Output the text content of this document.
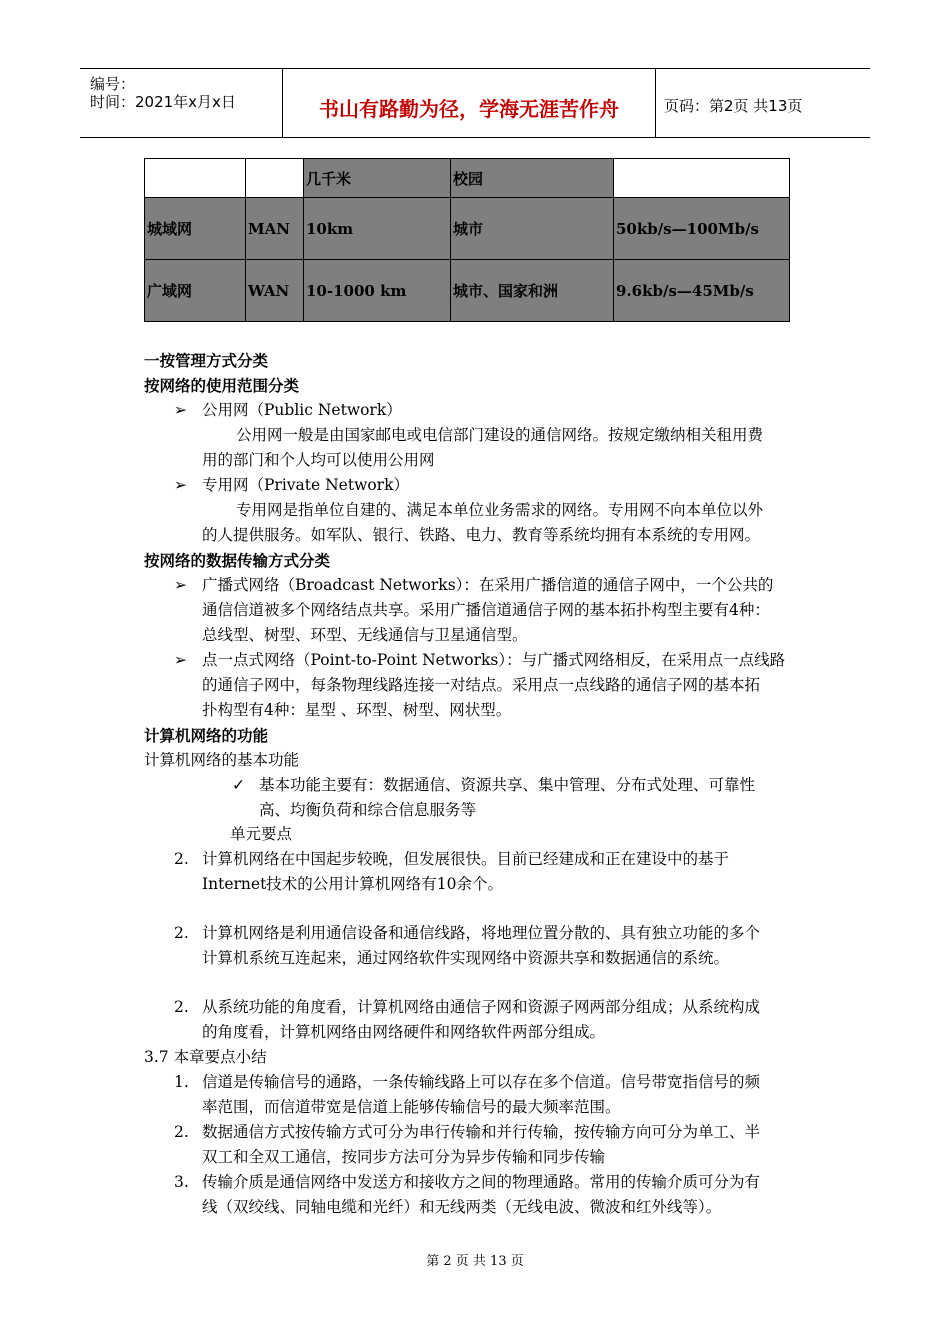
编号：
时间：2021年x月x日	书山有路勤为径，学海无涯苦作舟	页码：第2页 共13页
		几千米	校园	
城域网	MAN	10km	城市	50kb/s—100Mb/s
广域网	WAN	10-1000 km	城市、国家和洲	9.6kb/s—45Mb/s
一按管理方式分类
按网络的使用范围分类
➢ 公用网（Public Network）
公用网一般是由国家邮电或电信部门建设的通信网络。按规定缴纳相关租用费
用的部门和个人均可以使用公用网
➢ 专用网（Private Network）
专用网是指单位自建的、满足本单位业务需求的网络。专用网不向本单位以外
的人提供服务。如军队、银行、铁路、电力、教育等系统均拥有本系统的专用网。
按网络的数据传输方式分类
➢ 广播式网络（Broadcast Networks）：在采用广播信道的通信子网中，一个公共的
通信信道被多个网络结点共享。采用广播信道通信子网的基本拓扑构型主要有4种：
总线型、树型、环型、无线通信与卫星通信型。
➢ 点一点式网络（Point-to-Point Networks）：与广播式网络相反，在采用点一点线路
的通信子网中，每条物理线路连接一对结点。采用点一点线路的通信子网的基本拓
扑构型有4种：星型 、环型、树型、网状型。
计算机网络的功能
计算机网络的基本功能
✓ 基本功能主要有：数据通信、资源共享、集中管理、分布式处理、可靠性
高、均衡负荷和综合信息服务等
单元要点
2. 计算机网络在中国起步较晚，但发展很快。目前已经建成和正在建设中的基于
Internet技术的公用计算机网络有10余个。
2. 计算机网络是利用通信设备和通信线路，将地理位置分散的、具有独立功能的多个
计算机系统互连起来，通过网络软件实现网络中资源共享和数据通信的系统。
2. 从系统功能的角度看，计算机网络由通信子网和资源子网两部分组成；从系统构成
的角度看，计算机网络由网络硬件和网络软件两部分组成。
3.7 本章要点小结
1. 信道是传输信号的通路，一条传输线路上可以存在多个信道。信号带宽指信号的频
率范围，而信道带宽是信道上能够传输信号的最大频率范围。
2. 数据通信方式按传输方式可分为串行传输和并行传输，按传输方向可分为单工、半
双工和全双工通信，按同步方法可分为异步传输和同步传输
3. 传输介质是通信网络中发送方和接收方之间的物理通路。常用的传输介质可分为有
线（双绞线、同轴电缆和光纤）和无线两类（无线电波、微波和红外线等）。
第 2 页 共 13 页
